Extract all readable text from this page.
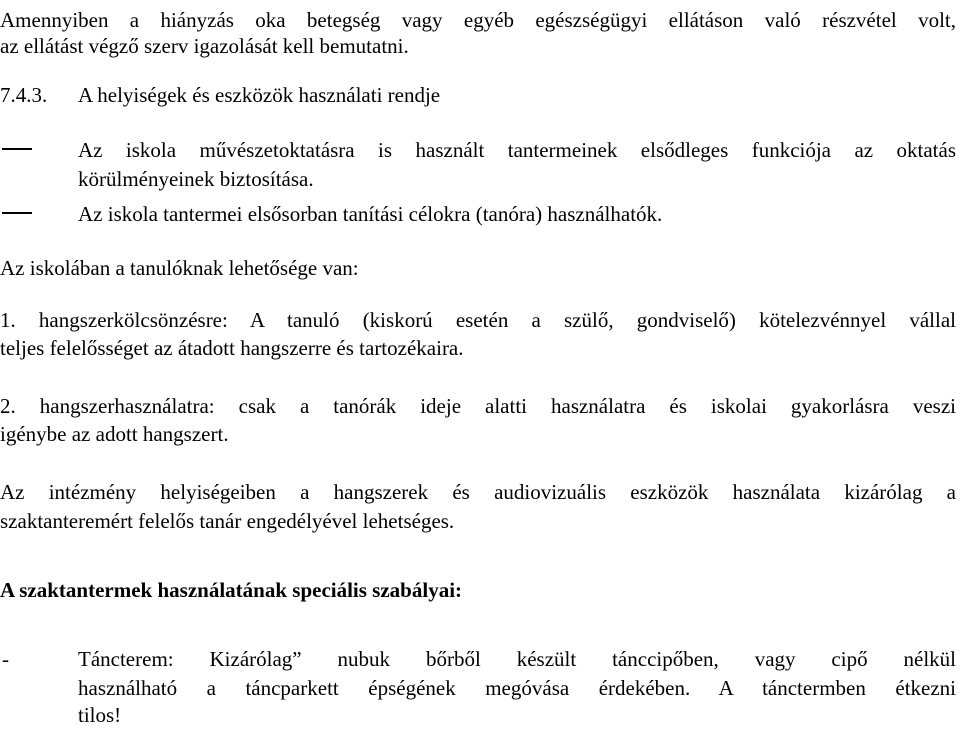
Amennyiben a hiányzás oka betegség vagy egyéb egészségügyi ellátáson való részvétel volt,
az ellátást végző szerv igazolását kell bemutatni.
7.4.3. A helyiségek és eszközök használati rendje
Az iskola művészetoktatásra is használt tantermeinek elsődleges funkciója az oktatás
körülményeinek biztosítása.
Az iskola tantermei elsősorban tanítási célokra (tanóra) használhatók.
Az iskolában a tanulóknak lehetősége van:
1. hangszerkölcsönzésre: A tanuló (kiskorú esetén a szülő, gondviselő) kötelezvénnyel vállal
teljes felelősséget az átadott hangszerre és tartozékaira.
2. hangszerhasználatra: csak a tanórák ideje alatti használatra és iskolai gyakorlásra veszi
igénybe az adott hangszert.
Az intézmény helyiségeiben a hangszerek és audiovizuális eszközök használata kizárólag a
szaktanteremért felelős tanár engedélyével lehetséges.
A szaktantermek használatának speciális szabályai:
-	Táncterem: Kizárólag” nubuk bőrből készült tánccipőben, vagy cipő nélkül
használható a táncparkett épségének megóvása érdekében. A tánctermben étkezni
tilos!
